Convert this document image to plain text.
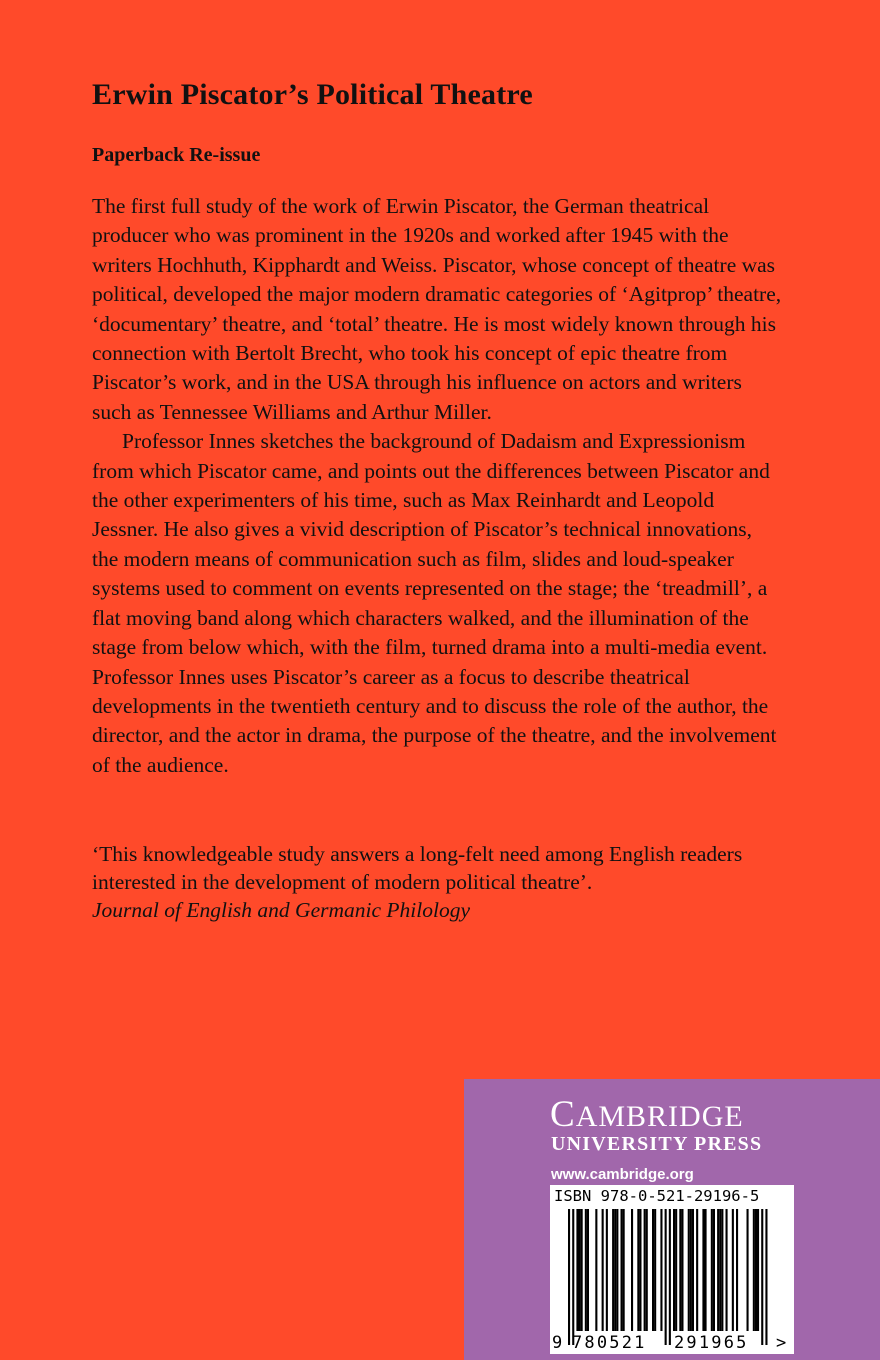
Erwin Piscator’s Political Theatre
Paperback Re-issue

The first full study of the work of Erwin Piscator, the German theatrical producer who was prominent in the 1920s and worked after 1945 with the writers Hochhuth, Kipphardt and Weiss. Piscator, whose concept of theatre was political, developed the major modern dramatic categories of ‘Agitprop’ theatre, ‘documentary’ theatre, and ‘total’ theatre. He is most widely known through his connection with Bertolt Brecht, who took his concept of epic theatre from Piscator’s work, and in the USA through his influence on actors and writers such as Tennessee Williams and Arthur Miller.

Professor Innes sketches the background of Dadaism and Expressionism from which Piscator came, and points out the differences between Piscator and the other experimenters of his time, such as Max Reinhardt and Leopold Jessner. He also gives a vivid description of Piscator’s technical innovations, the modern means of communication such as film, slides and loud-speaker systems used to comment on events represented on the stage; the ‘treadmill’, a flat moving band along which characters walked, and the illumination of the stage from below which, with the film, turned drama into a multi-media event. Professor Innes uses Piscator’s career as a focus to describe theatrical developments in the twentieth century and to discuss the role of the author, the director, and the actor in drama, the purpose of the theatre, and the involvement of the audience.

‘This knowledgeable study answers a long-felt need among English readers interested in the development of modern political theatre’.
Journal of English and Germanic Philology
CAMBRIDGE
UNIVERSITY PRESS
www.cambridge.org
ISBN 978-0-521-29196-5
9 780521 291965 >
